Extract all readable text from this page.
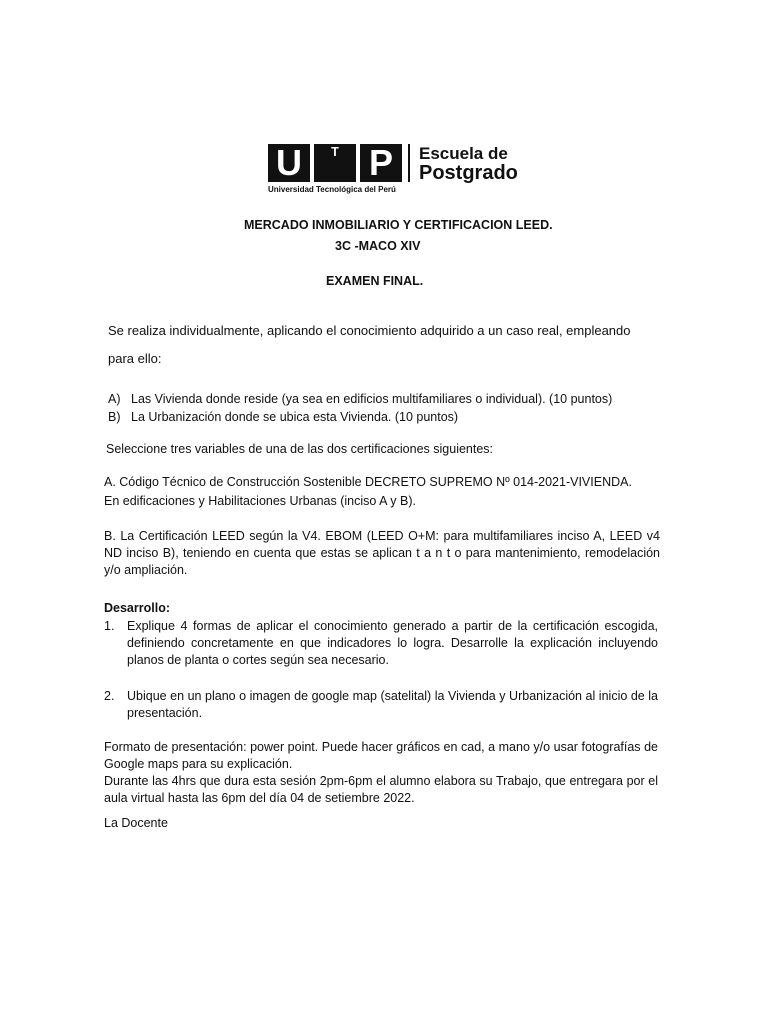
U	T P	Escuela de
Postgrado
Universidad Tecnológica del Perú
MERCADO INMOBILIARIO Y CERTIFICACION LEED.
3C -MACO XIV
EXAMEN FINAL.
Se realiza individualmente, aplicando el conocimiento adquirido a un caso real, empleando
para ello:
A) Las Vivienda donde reside (ya sea en edificios multifamiliares o individual). (10 puntos)
B) La Urbanización donde se ubica esta Vivienda. (10 puntos)
Seleccione tres variables de una de las dos certificaciones siguientes:
A. Código Técnico de Construcción Sostenible DECRETO SUPREMO Nº 014-2021-VIVIENDA.
En edificaciones y Habilitaciones Urbanas (inciso A y B).
B. La Certificación LEED según la V4. EBOM (LEED O+M: para multifamiliares inciso A, LEED v4 ND inciso B), teniendo en cuenta que estas se aplican t a n t o para mantenimiento, remodelación y/o ampliación.
Desarrollo:
1. Explique 4 formas de aplicar el conocimiento generado a partir de la certificación escogida, definiendo concretamente en que indicadores lo logra. Desarrolle la explicación incluyendo planos de planta o cortes según sea necesario.
2. Ubique en un plano o imagen de google map (satelital) la Vivienda y Urbanización al inicio de la presentación.
Formato de presentación: power point. Puede hacer gráficos en cad, a mano y/o usar fotografías de Google maps para su explicación.
Durante las 4hrs que dura esta sesión 2pm-6pm el alumno elabora su Trabajo, que entregara por el aula virtual hasta las 6pm del día 04 de setiembre 2022.
La Docente
